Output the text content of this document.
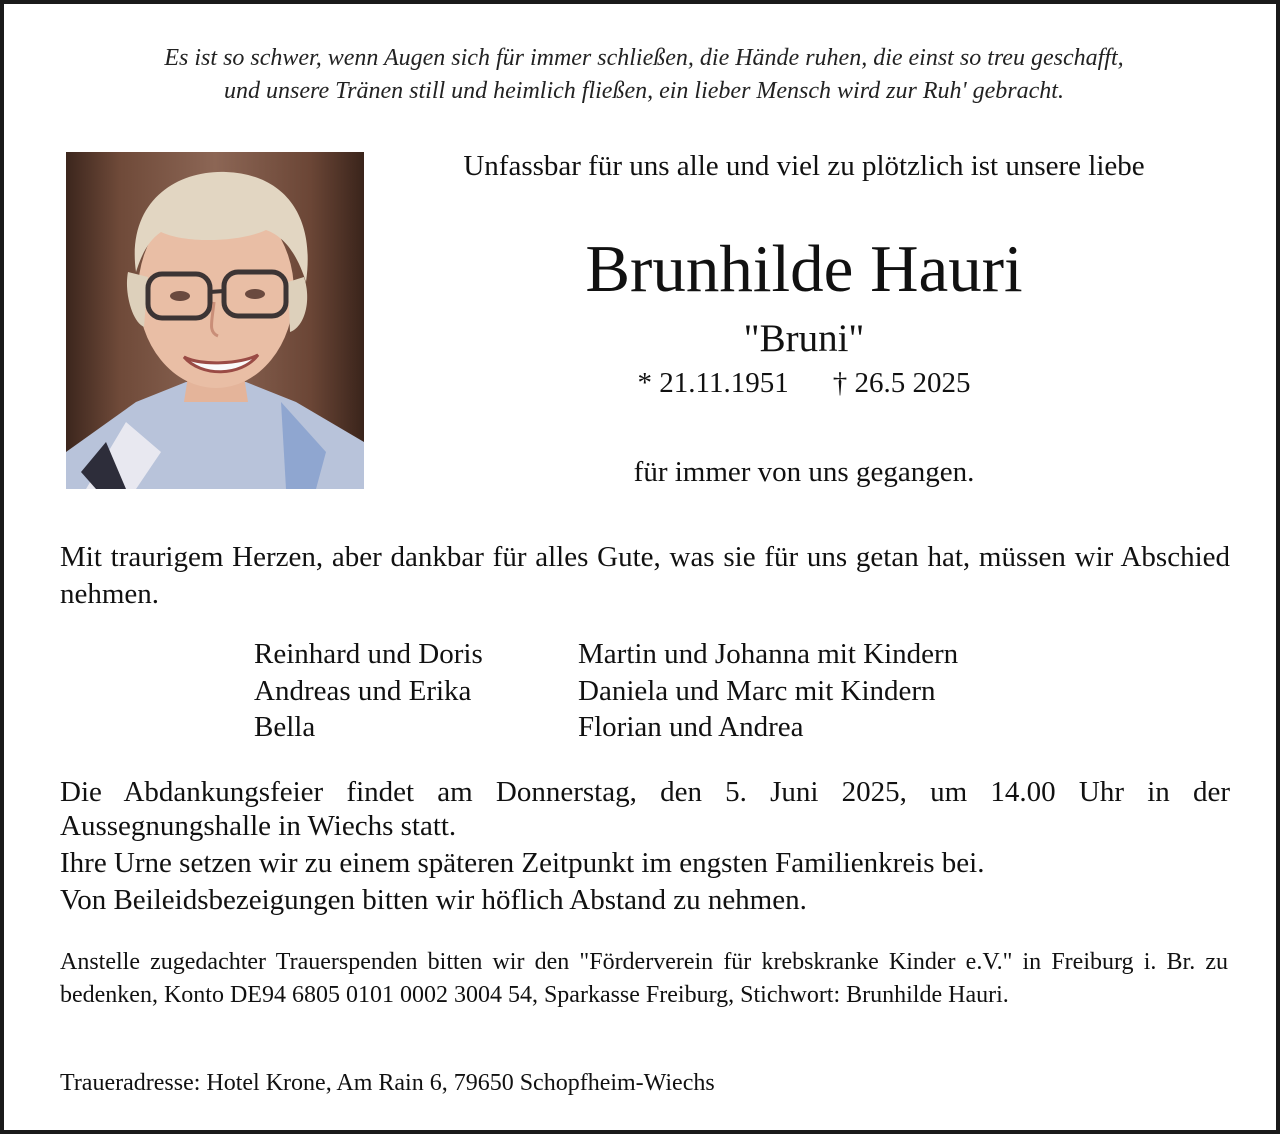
Es ist so schwer, wenn Augen sich für immer schließen, die Hände ruhen, die einst so treu geschafft,
und unsere Tränen still und heimlich fließen, ein lieber Mensch wird zur Ruh' gebracht.
Unfassbar für uns alle und viel zu plötzlich ist unsere liebe
Brunhilde Hauri
"Bruni"
* 21.11.1951 † 26.5 2025
für immer von uns gegangen.
Mit traurigem Herzen, aber dankbar für alles Gute, was sie für uns getan hat, müssen wir Abschied nehmen.
Reinhard und Doris
Andreas und Erika
Bella
Martin und Johanna mit Kindern
Daniela und Marc mit Kindern
Florian und Andrea
Die Abdankungsfeier findet am Donnerstag, den 5. Juni 2025, um 14.00 Uhr in der
Aussegnungshalle in Wiechs statt.
Ihre Urne setzen wir zu einem späteren Zeitpunkt im engsten Familienkreis bei.
Von Beileidsbezeigungen bitten wir höflich Abstand zu nehmen.
Anstelle zugedachter Trauerspenden bitten wir den "Förderverein für krebskranke Kinder e.V." in Freiburg i. Br. zu bedenken, Konto DE94 6805 0101 0002 3004 54, Sparkasse Freiburg, Stichwort: Brunhilde Hauri.
Traueradresse: Hotel Krone, Am Rain 6, 79650 Schopfheim-Wiechs
